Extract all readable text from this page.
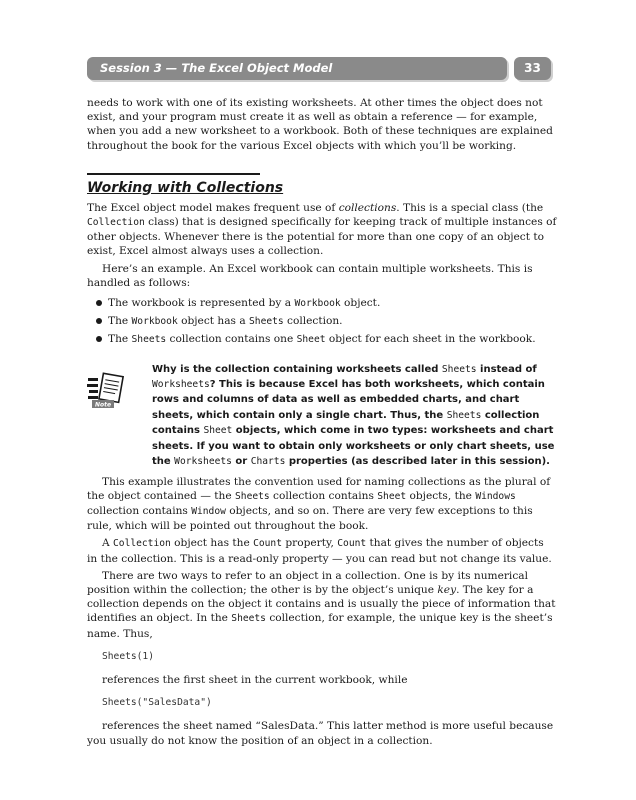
Session 3 — The Excel Object Model	33

needs to work with one of its existing worksheets. At other times the object does not exist, and your program must create it as well as obtain a reference — for example, when you add a new worksheet to a workbook. Both of these techniques are explained throughout the book for the various Excel objects with which you’ll be working.

Working with Collections

The Excel object model makes frequent use of collections. This is a special class (the Collection class) that is designed specifically for keeping track of multiple instances of other objects. Whenever there is the potential for more than one copy of an object to exist, Excel almost always uses a collection.

Here’s an example. An Excel workbook can contain multiple worksheets. This is handled as follows:

The workbook is represented by a Workbook object.
The Workbook object has a Sheets collection.
The Sheets collection contains one Sheet object for each sheet in the workbook.
Note
Why is the collection containing worksheets called Sheets instead of Worksheets? This is because Excel has both worksheets, which contain rows and columns of data as well as embedded charts, and chart sheets, which contain only a single chart. Thus, the Sheets collection contains Sheet objects, which come in two types: worksheets and chart sheets. If you want to obtain only worksheets or only chart sheets, use the Worksheets or Charts properties (as described later in this session).

This example illustrates the convention used for naming collections as the plural of the object contained — the Sheets collection contains Sheet objects, the Windows collection contains Window objects, and so on. There are very few exceptions to this rule, which will be pointed out throughout the book.

A Collection object has the Count property, Count that gives the number of objects in the collection. This is a read-only property — you can read but not change its value.

There are two ways to refer to an object in a collection. One is by its numerical position within the collection; the other is by the object’s unique key. The key for a collection depends on the object it contains and is usually the piece of information that identifies an object. In the Sheets collection, for example, the unique key is the sheet’s name. Thus,

Sheets(1)

references the first sheet in the current workbook, while

Sheets("SalesData")

references the sheet named “SalesData.” This latter method is more useful because you usually do not know the position of an object in a collection.
